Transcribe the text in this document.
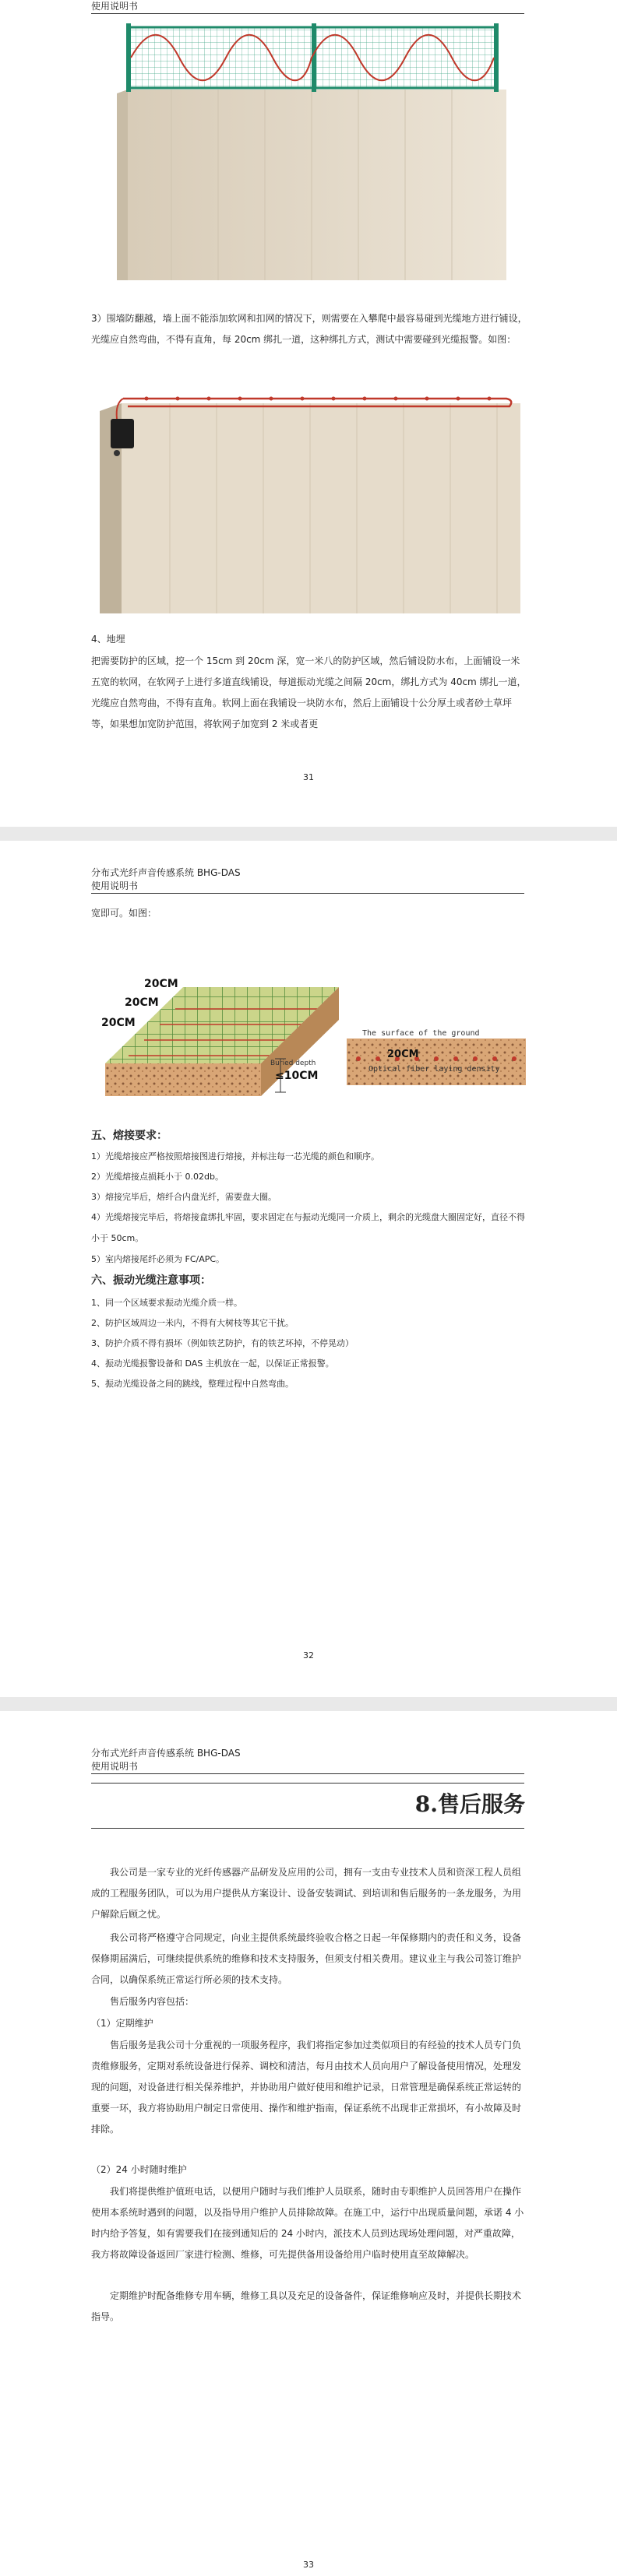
使用说明书

3）围墙防翻越，墙上面不能添加软网和扣网的情况下，则需要在入攀爬中最容易碰到光缆地方进行铺设，光缆应自然弯曲，不得有直角，每 20cm 绑扎一道，这种绑扎方式，测试中需要碰到光缆报警。如图：

4、地埋

把需要防护的区域，挖一个 15cm 到 20cm 深，宽一米八的防护区域，然后铺设防水布，上面铺设一米五宽的软网，在软网子上进行多道直线铺设，每道振动光缆之间隔 20cm，绑扎方式为 40cm 绑扎一道，光缆应自然弯曲，不得有直角。软网上面在我铺设一块防水布，然后上面铺设十公分厚土或者砂土草坪等，如果想加宽防护范围，将软网子加宽到 2 米或者更

31
分布式光纤声音传感系统 BHG-DAS
使用说明书

宽即可。如图：

Buried depth
≤10CM
20CM
20CM
20CM
The surface of the ground
20CM
Optical fiber laying density

五、熔接要求：

1）光缆熔接应严格按照熔接图进行熔接，并标注每一芯光缆的颜色和顺序。

2）光缆熔接点损耗小于 0.02db。

3）熔接完毕后，熔纤合内盘光纤，需要盘大圈。

4）光缆熔接完毕后，将熔接盒绑扎牢固，要求固定在与振动光缆同一介质上，剩余的光缆盘大圈固定好，直径不得小于 50cm。

5）室内熔接尾纤必须为 FC/APC。

六、振动光缆注意事项：

1、同一个区域要求振动光缆介质一样。

2、防护区域周边一米内，不得有大树枝等其它干扰。

3、防护介质不得有损坏（例如铁艺防护，有的铁艺坏掉，不停晃动）

4、振动光缆报警设备和 DAS 主机放在一起，以保证正常报警。

5、振动光缆设备之间的跳线，整理过程中自然弯曲。

32
分布式光纤声音传感系统 BHG-DAS
使用说明书
8.售后服务

我公司是一家专业的光纤传感器产品研发及应用的公司，拥有一支由专业技术人员和资深工程人员组成的工程服务团队，可以为用户提供从方案设计、设备安装调试、到培训和售后服务的一条龙服务，为用户解除后顾之忧。

我公司将严格遵守合同规定，向业主提供系统最终验收合格之日起一年保修期内的责任和义务，设备保修期届满后，可继续提供系统的维修和技术支持服务，但须支付相关费用。建议业主与我公司签订维护合同，以确保系统正常运行所必须的技术支持。

售后服务内容包括：

（1）定期维护

售后服务是我公司十分重视的一项服务程序，我们将指定参加过类似项目的有经验的技术人员专门负责维修服务，定期对系统设备进行保养、调校和清洁，每月由技术人员向用户了解设备使用情况，处理发现的问题，对设备进行相关保养维护，并协助用户做好使用和维护记录，日常管理是确保系统正常运转的重要一环，我方将协助用户制定日常使用、操作和维护指南，保证系统不出现非正常损坏，有小故障及时排除。

（2）24 小时随时维护

我们将提供维护值班电话，以便用户随时与我们维护人员联系，随时由专职维护人员回答用户在操作使用本系统时遇到的问题，以及指导用户维护人员排除故障。在施工中，运行中出现质量问题，承诺 4 小时内给予答复，如有需要我们在接到通知后的 24 小时内，派技术人员到达现场处理问题，对严重故障，我方将故障设备返回厂家进行检测、维修，可先提供备用设备给用户临时使用直至故障解决。

定期维护时配备维修专用车辆，维修工具以及充足的设备备件，保证维修响应及时，并提供长期技术指导。

33
